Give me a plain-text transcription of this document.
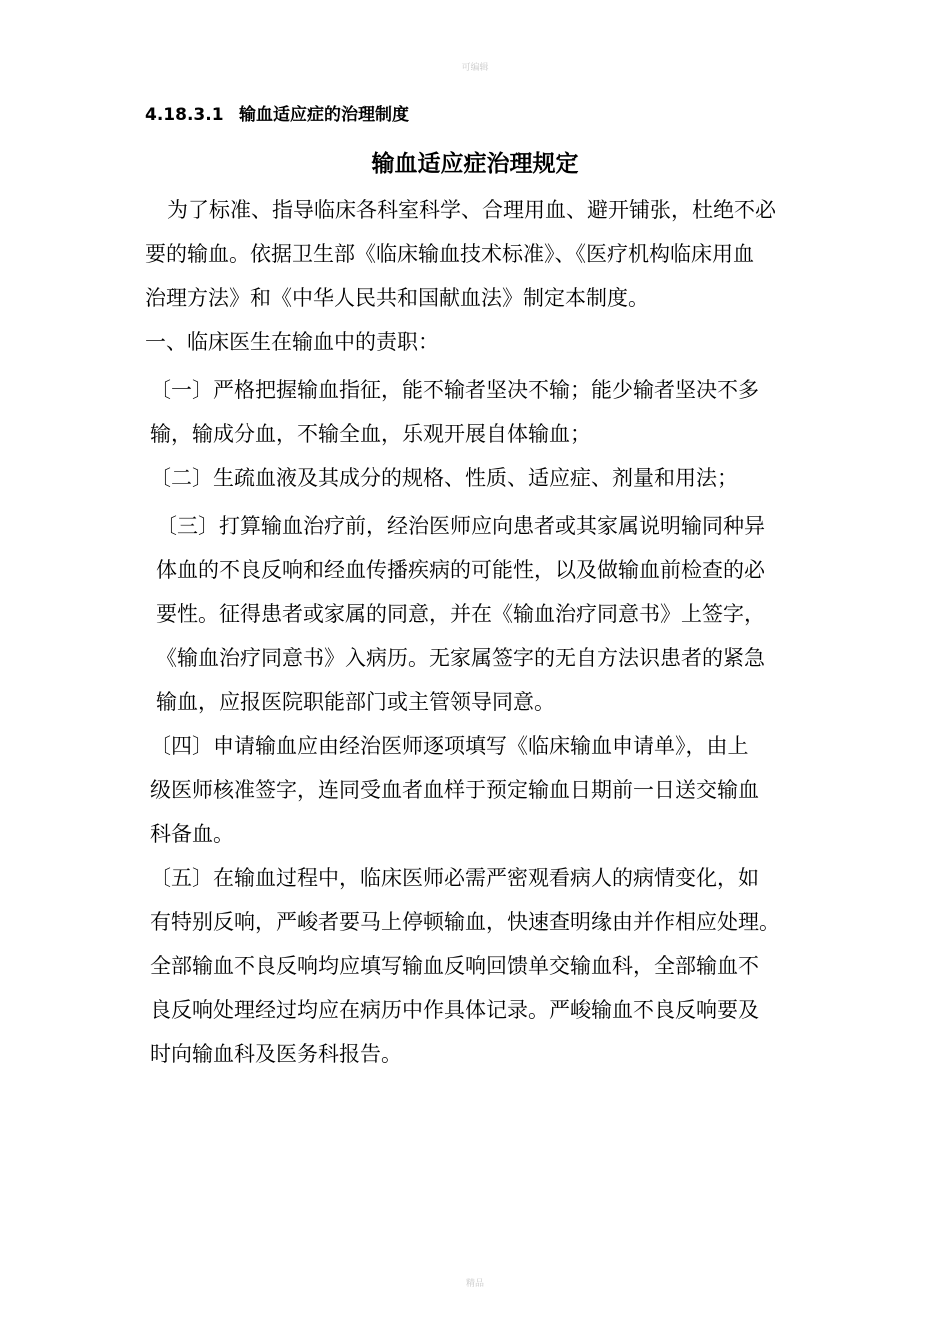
可编辑
4.18.3.1 输血适应症的治理制度
输血适应症治理规定
为了标准、指导临床各科室科学、合理用血、避开铺张，杜绝不必
要的输血。依据卫生部《临床输血技术标准》、《医疗机构临床用血
治理方法》和《中华人民共和国献血法》制定本制度。
一、临床医生在输血中的责职：
〔一〕严格把握输血指征，能不输者坚决不输；能少输者坚决不多
输，输成分血，不输全血，乐观开展自体输血；
〔二〕生疏血液及其成分的规格、性质、适应症、剂量和用法；
〔三〕打算输血治疗前，经治医师应向患者或其家属说明输同种异
体血的不良反响和经血传播疾病的可能性，以及做输血前检查的必
要性。征得患者或家属的同意，并在《输血治疗同意书》上签字，
《输血治疗同意书》入病历。无家属签字的无自方法识患者的紧急
输血，应报医院职能部门或主管领导同意。
〔四〕申请输血应由经治医师逐项填写《临床输血申请单》，由上
级医师核准签字，连同受血者血样于预定输血日期前一日送交输血
科备血。
〔五〕在输血过程中，临床医师必需严密观看病人的病情变化，如
有特别反响，严峻者要马上停顿输血，快速查明缘由并作相应处理。
全部输血不良反响均应填写输血反响回馈单交输血科，全部输血不
良反响处理经过均应在病历中作具体记录。严峻输血不良反响要及
时向输血科及医务科报告。
精品
